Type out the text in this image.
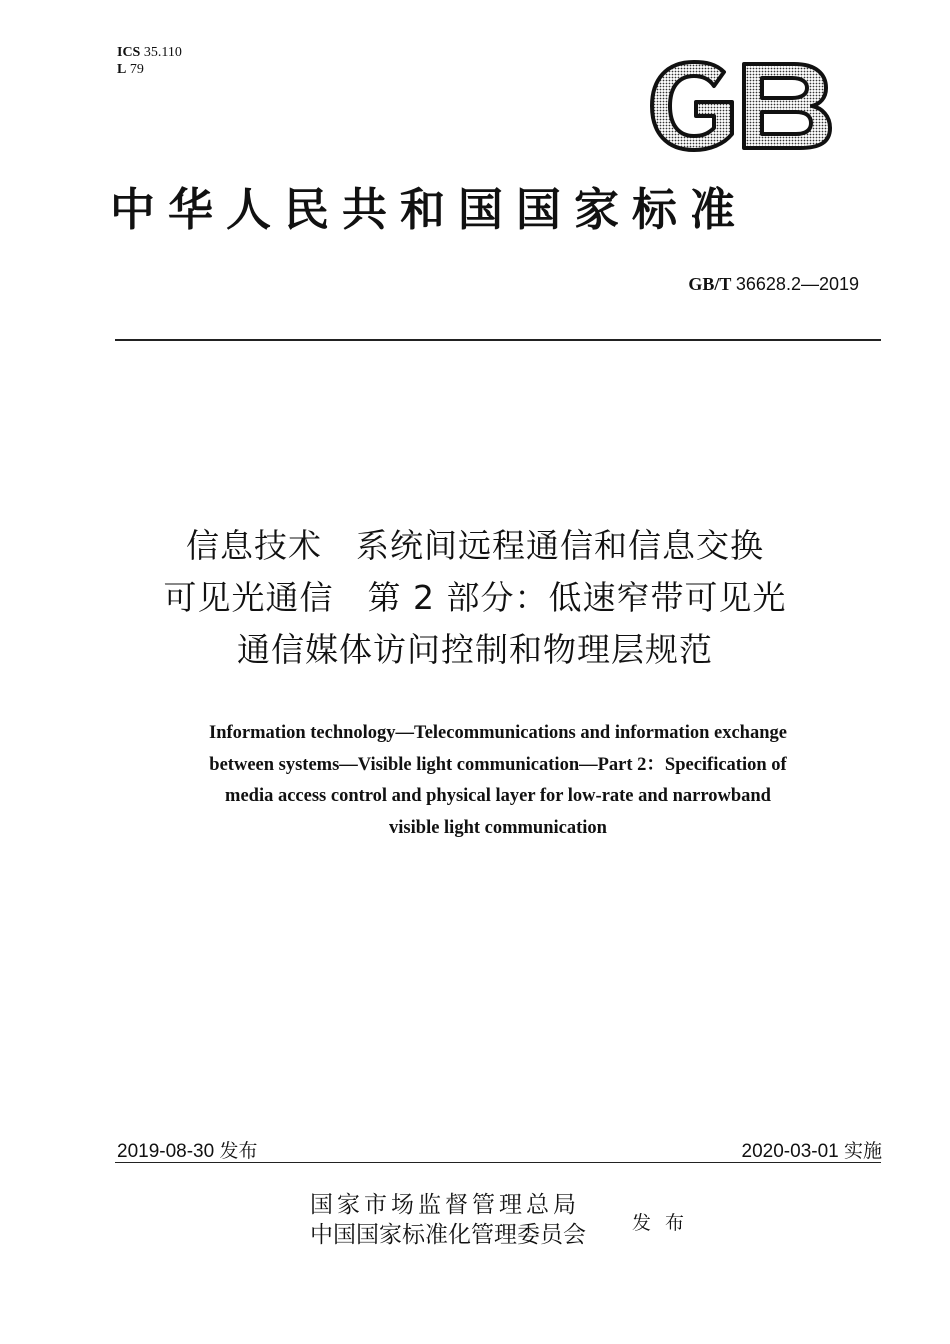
ICS 35.110
L 79
中华人民共和国国家标准
GB/T 36628.2—2019
信息技术　系统间远程通信和信息交换
可见光通信　第 2 部分：低速窄带可见光
通信媒体访问控制和物理层规范
Information technology—Telecommunications and information exchange
between systems—Visible light communication—Part 2：Specification of
media access control and physical layer for low-rate and narrowband
visible light communication
2019-08-30 发布	2020-03-01 实施
国家市场监督管理总局
中国国家标准化管理委员会 发布
